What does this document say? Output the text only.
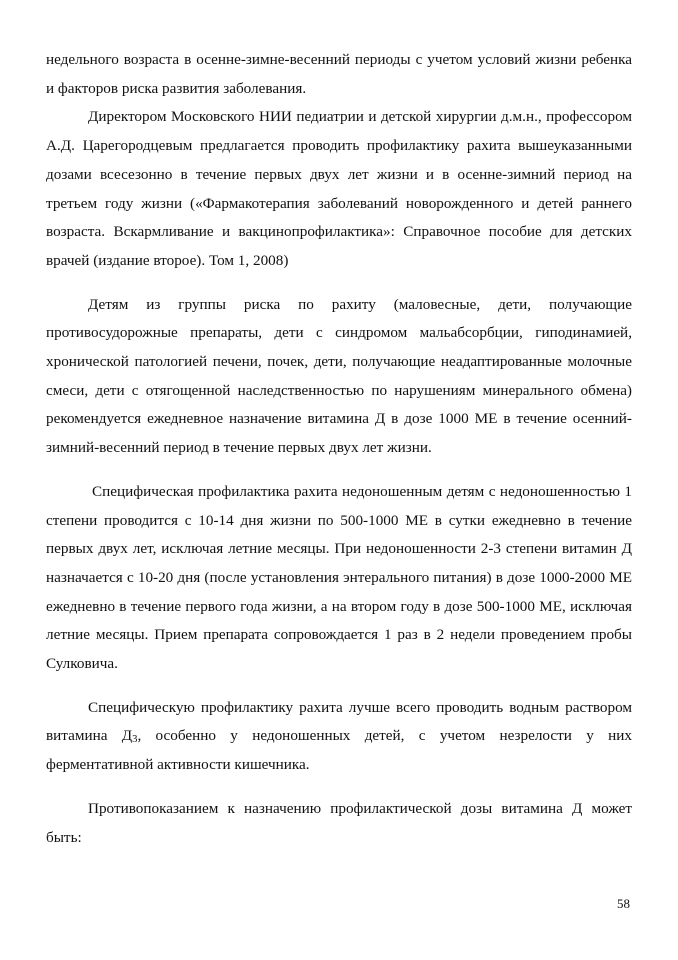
недельного возраста в осенне-зимне-весенний периоды с учетом условий жизни ребенка и факторов риска развития заболевания.

Директором Московского НИИ педиатрии и детской хирургии д.м.н., профессором А.Д. Царегородцевым предлагается проводить профилактику рахита вышеуказанными дозами всесезонно в течение первых двух лет жизни и в осенне-зимний период на третьем году жизни («Фармакотерапия заболеваний новорожденного и детей раннего возраста. Вскармливание и вакцинопрофилактика»: Справочное пособие для детских врачей (издание второе). Том 1, 2008)

Детям из группы риска по рахиту (маловесные, дети, получающие противосудорожные препараты, дети с синдромом мальабсорбции, гиподинамией, хронической патологией печени, почек, дети, получающие неадаптированные молочные смеси, дети с отягощенной наследственностью по нарушениям минерального обмена) рекомендуется ежедневное назначение витамина Д в дозе 1000 МЕ в течение осенний-зимний-весенний период в течение первых двух лет жизни.

Специфическая профилактика рахита недоношенным детям с недоношенностью 1 степени проводится с 10-14 дня жизни по 500-1000 МЕ в сутки ежедневно в течение первых двух лет, исключая летние месяцы. При недоношенности 2-3 степени витамин Д назначается с 10-20 дня (после установления энтерального питания) в дозе 1000-2000 МЕ ежедневно в течение первого года жизни, а на втором году в дозе 500-1000 МЕ, исключая летние месяцы. Прием препарата сопровождается 1 раз в 2 недели проведением пробы Сулковича.

Специфическую профилактику рахита лучше всего проводить водным раствором витамина $Д_3$, особенно у недоношенных детей, с учетом незрелости у них ферментативной активности кишечника.

Противопоказанием к назначению профилактической дозы витамина Д может быть:

58
